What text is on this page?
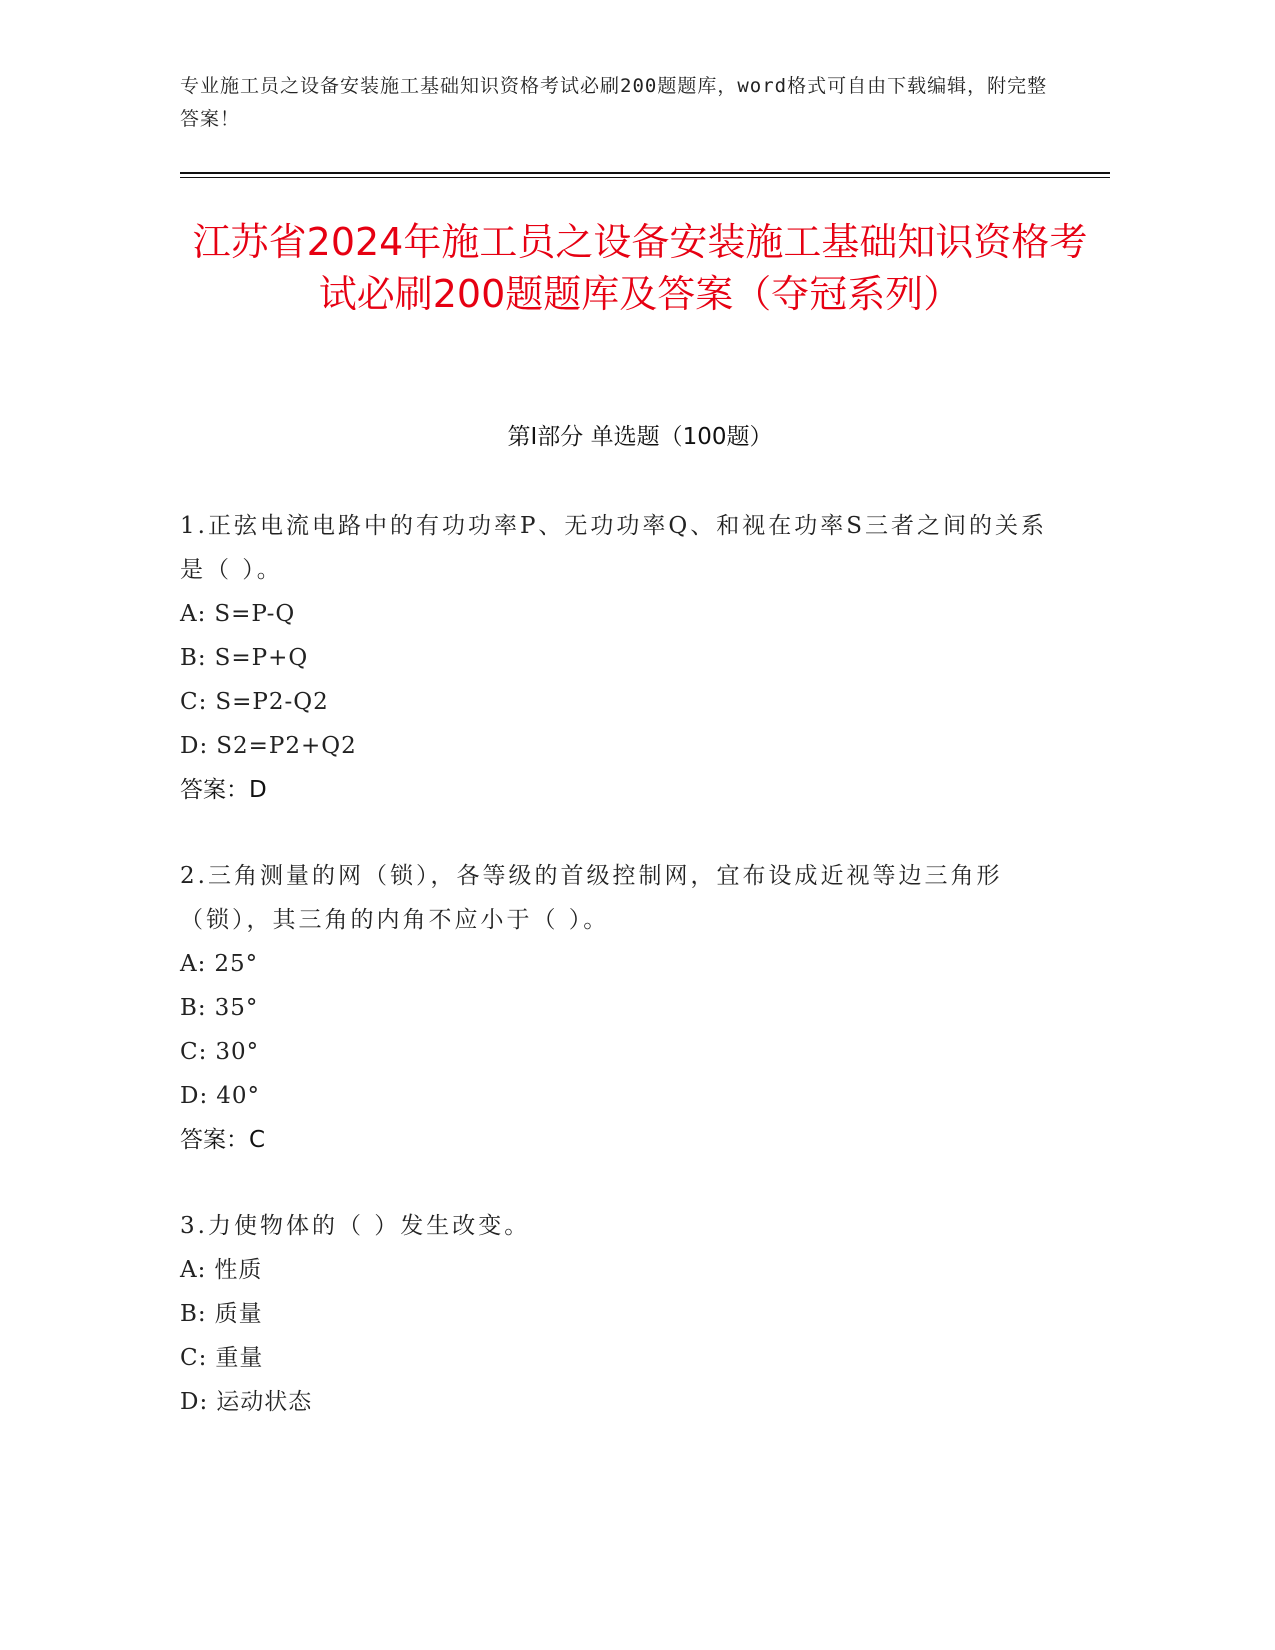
专业施工员之设备安装施工基础知识资格考试必刷200题题库，word格式可自由下载编辑，附完整答案！
江苏省2024年施工员之设备安装施工基础知识资格考试必刷200题题库及答案（夺冠系列）
第Ⅰ部分 单选题（100题）
1.正弦电流电路中的有功功率P、无功功率Q、和视在功率S三者之间的关系是（ ）。
A: S=P-Q
B: S=P+Q
C: S=P2-Q2
D: S2=P2+Q2
答案：D
2.三角测量的网（锁），各等级的首级控制网，宜布设成近视等边三角形（锁），其三角的内角不应小于（ ）。
A: 25°
B: 35°
C: 30°
D: 40°
答案：C
3.力使物体的（ ）发生改变。
A: 性质
B: 质量
C: 重量
D: 运动状态
